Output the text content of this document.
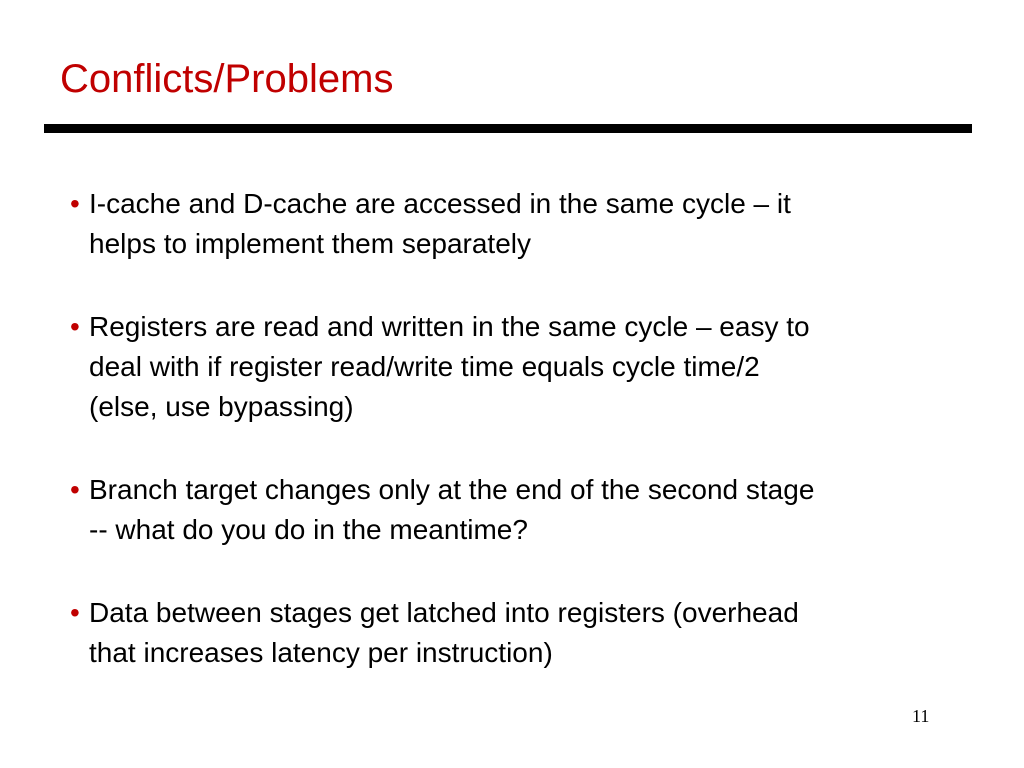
Conflicts/Problems
• I-cache and D-cache are accessed in the same cycle – it
helps to implement them separately
• Registers are read and written in the same cycle – easy to
deal with if register read/write time equals cycle time/2
(else, use bypassing)
• Branch target changes only at the end of the second stage
-- what do you do in the meantime?
• Data between stages get latched into registers (overhead
that increases latency per instruction)
11
